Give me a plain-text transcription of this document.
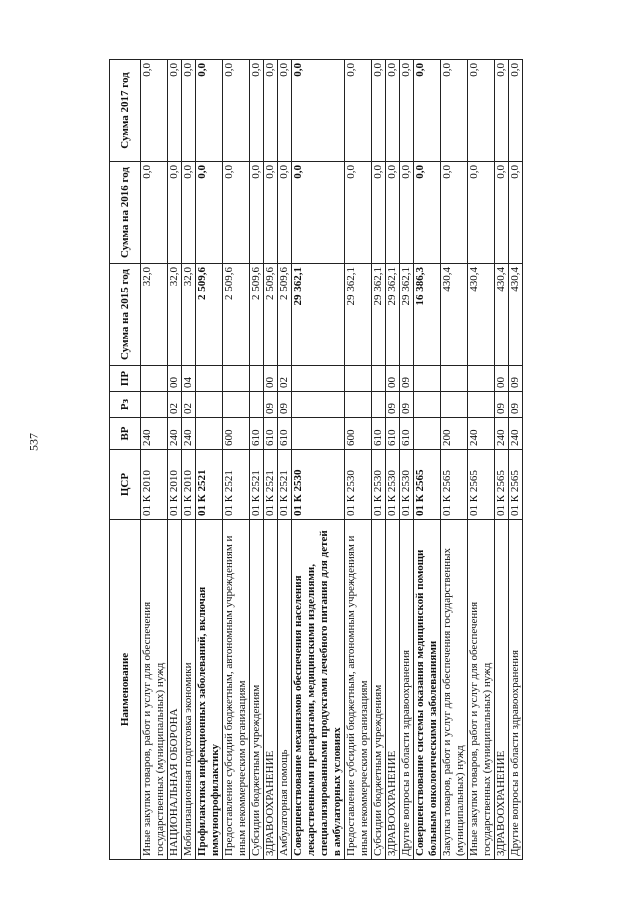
537
Наименование	ЦСР	ВР	Рз	ПР	Сумма на 2015 год	Сумма на 2016 год	Сумма 2017 год
Иные закупки товаров, работ и услуг для обеспечения государственных (муниципальных) нужд	01 К 2010	240			32,0	0,0	0,0
НАЦИОНАЛЬНАЯ ОБОРОНА	01 К 2010	240	02	00	32,0	0,0	0,0
Мобилизационная подготовка экономики	01 К 2010	240	02	04	32,0	0,0	0,0
Профилактика инфекционных заболеваний, включая иммунопрофилактику	01 К 2521				2 509,6	0,0	0,0
Предоставление субсидий бюджетным, автономным учреждениям и иным некоммерческим организациям	01 К 2521	600			2 509,6	0,0	0,0
Субсидии бюджетным учреждениям	01 К 2521	610			2 509,6	0,0	0,0
ЗДРАВООХРАНЕНИЕ	01 К 2521	610	09	00	2 509,6	0,0	0,0
Амбулаторная помощь	01 К 2521	610	09	02	2 509,6	0,0	0,0
Совершенствование механизмов обеспечения населения лекарственными препаратами, медицинскими изделиями, специализированными продуктами лечебного питания для детей в амбулаторных условиях	01 К 2530				29 362,1	0,0	0,0
Предоставление субсидий бюджетным, автономным учреждениям и иным некоммерческим организациям	01 К 2530	600			29 362,1	0,0	0,0
Субсидии бюджетным учреждениям	01 К 2530	610			29 362,1	0,0	0,0
ЗДРАВООХРАНЕНИЕ	01 К 2530	610	09	00	29 362,1	0,0	0,0
Другие вопросы в области здравоохранения	01 К 2530	610	09	09	29 362,1	0,0	0,0
Совершенствование системы оказания медицинской помощи больным онкологическими заболеваниями	01 К 2565				16 386,3	0,0	0,0
Закупка товаров, работ и услуг для обеспечения государственных (муниципальных) нужд	01 К 2565	200			430,4	0,0	0,0
Иные закупки товаров, работ и услуг для обеспечения государственных (муниципальных) нужд	01 К 2565	240			430,4	0,0	0,0
ЗДРАВООХРАНЕНИЕ	01 К 2565	240	09	00	430,4	0,0	0,0
Другие вопросы в области здравоохранения	01 К 2565	240	09	09	430,4	0,0	0,0
